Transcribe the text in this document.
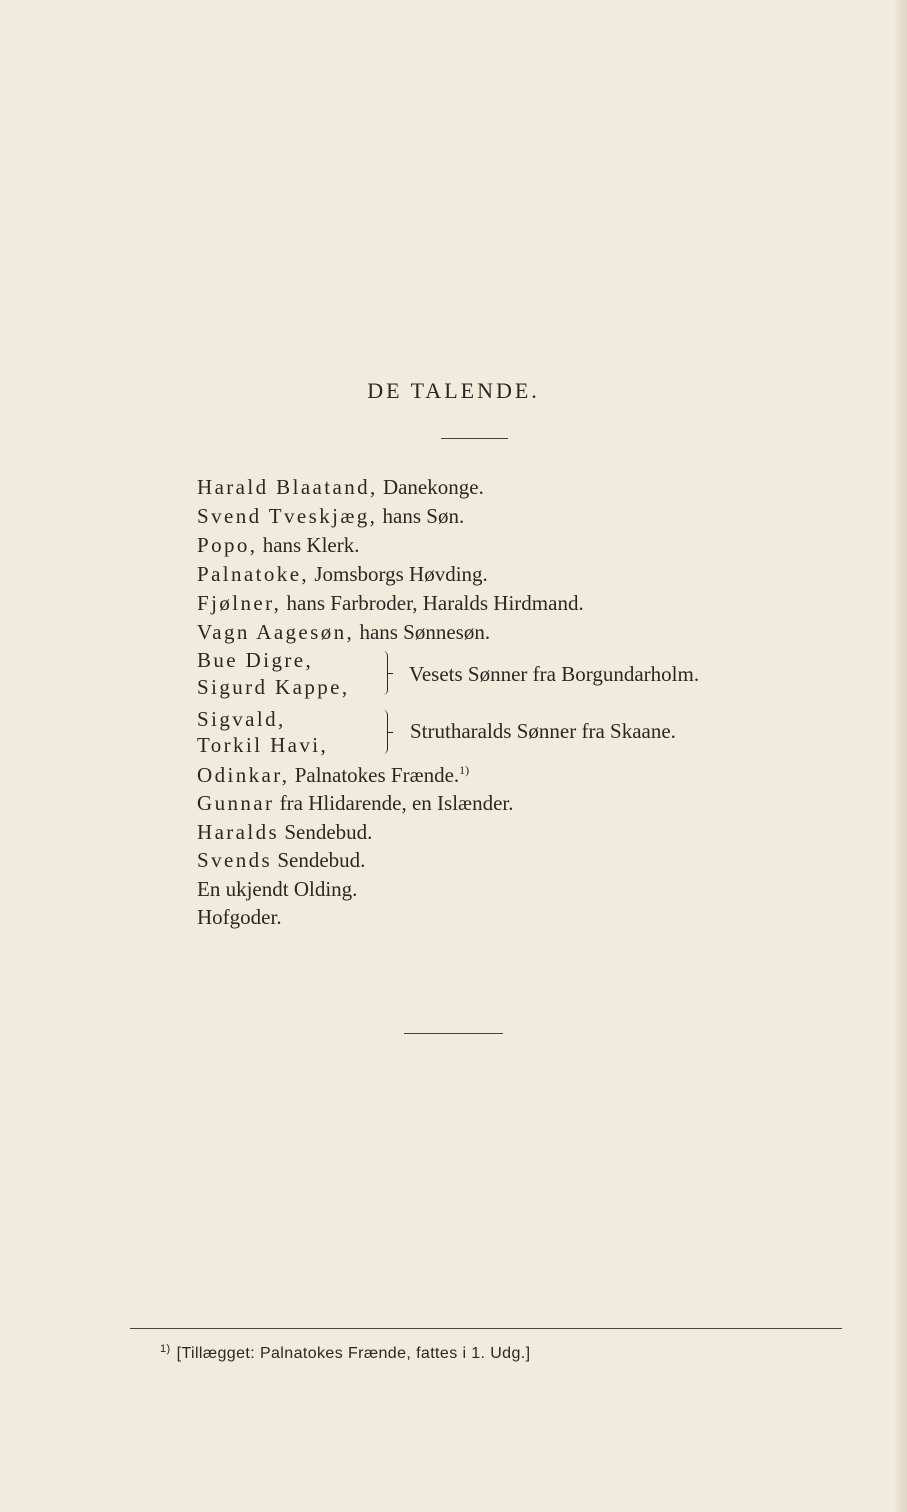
DE TALENDE.
Harald Blaatand, Danekonge.
Svend Tveskjæg, hans Søn.
Popo, hans Klerk.
Palnatoke, Jomsborgs Høvding.
Fjølner, hans Farbroder, Haralds Hirdmand.
Vagn Aagesøn, hans Sønnesøn.
Bue Digre,
Sigurd Kappe,
Vesets Sønner fra Borgundarholm.
Sigvald,
Torkil Havi,
Strutharalds Sønner fra Skaane.
Odinkar, Palnatokes Frænde.$^{1)}$
Gunnar fra Hlidarende, en Islænder.
Haralds Sendebud.
Svends Sendebud.
En ukjendt Olding.
Hofgoder.
$^{1)}$ [Tillægget: Palnatokes Frænde, fattes i 1. Udg.]
